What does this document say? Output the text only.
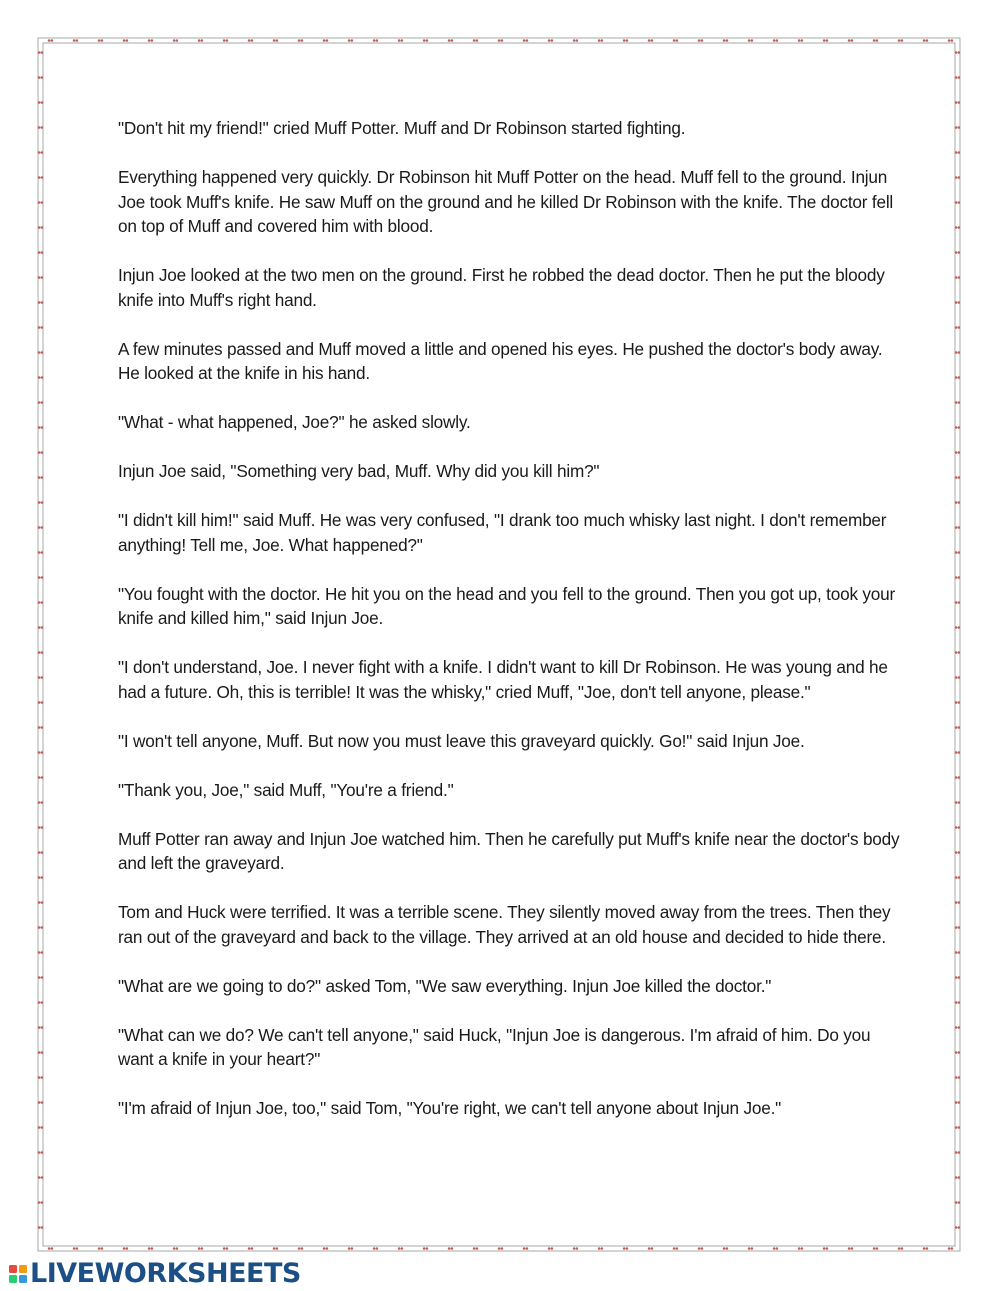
"Don't hit my friend!" cried Muff Potter. Muff and Dr Robinson started fighting.

Everything happened very quickly. Dr Robinson hit Muff Potter on the head. Muff fell to the ground. Injun Joe took Muff's knife. He saw Muff on the ground and he killed Dr Robinson with the knife. The doctor fell on top of Muff and covered him with blood.

Injun Joe looked at the two men on the ground. First he robbed the dead doctor. Then he put the bloody knife into Muff's right hand.

A few minutes passed and Muff moved a little and opened his eyes. He pushed the doctor's body away. He looked at the knife in his hand.

"What - what happened, Joe?" he asked slowly.

Injun Joe said, "Something very bad, Muff. Why did you kill him?"

"I didn't kill him!" said Muff. He was very confused, "I drank too much whisky last night. I don't remember anything! Tell me, Joe. What happened?"

"You fought with the doctor. He hit you on the head and you fell to the ground. Then you got up, took your knife and killed him," said Injun Joe.

"I don't understand, Joe. I never fight with a knife. I didn't want to kill Dr Robinson. He was young and he had a future. Oh, this is terrible! It was the whisky," cried Muff, "Joe, don't tell anyone, please."

"I won't tell anyone, Muff. But now you must leave this graveyard quickly. Go!" said Injun Joe.

"Thank you, Joe," said Muff, "You're a friend."

Muff Potter ran away and Injun Joe watched him. Then he carefully put Muff's knife near the doctor's body and left the graveyard.

Tom and Huck were terrified. It was a terrible scene. They silently moved away from the trees. Then they ran out of the graveyard and back to the village. They arrived at an old house and decided to hide there.

"What are we going to do?" asked Tom, "We saw everything. Injun Joe killed the doctor."

"What can we do? We can't tell anyone," said Huck, "Injun Joe is dangerous. I'm afraid of him. Do you want a knife in your heart?"

"I'm afraid of Injun Joe, too," said Tom, "You're right, we can't tell anyone about Injun Joe."

LIVEWORKSHEETS
